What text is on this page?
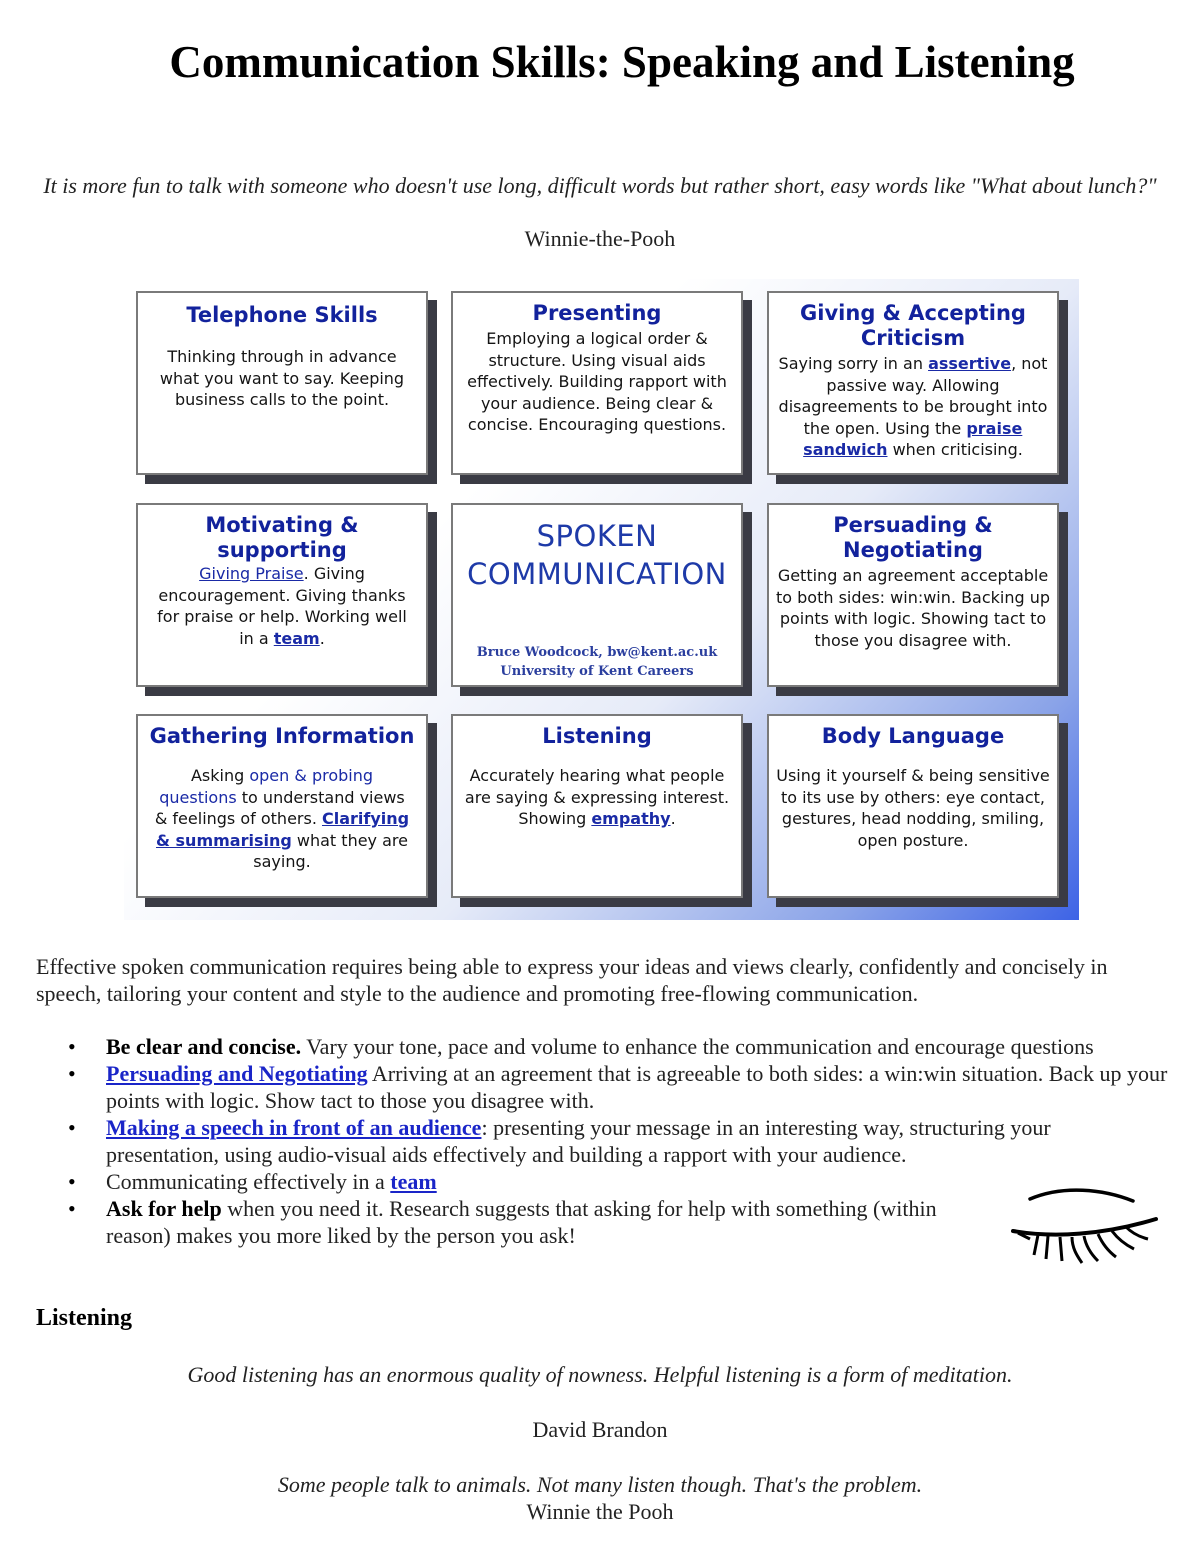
Communication Skills: Speaking and Listening
It is more fun to talk with someone who doesn't use long, difficult words but rather short, easy words like "What about lunch?"
Winnie-the-Pooh
Telephone Skills
Thinking through in advance what you want to say. Keeping business calls to the point.
Presenting
Employing a logical order & structure. Using visual aids effectively. Building rapport with your audience. Being clear & concise. Encouraging questions.
Giving & Accepting Criticism
Saying sorry in an assertive, not passive way. Allowing disagreements to be brought into the open. Using the praise sandwich when criticising.
Motivating & supporting
Giving Praise. Giving encouragement. Giving thanks for praise or help. Working well in a team.
SPOKEN
COMMUNICATION
Bruce Woodcock, bw@kent.ac.uk
University of Kent Careers
Persuading & Negotiating
Getting an agreement acceptable to both sides: win:win. Backing up points with logic. Showing tact to those you disagree with.
Gathering Information
Asking open & probing questions to understand views & feelings of others. Clarifying & summarising what they are saying.
Listening
Accurately hearing what people are saying & expressing interest. Showing empathy.
Body Language
Using it yourself & being sensitive to its use by others: eye contact, gestures, head nodding, smiling, open posture.
Effective spoken communication requires being able to express your ideas and views clearly, confidently and concisely in speech, tailoring your content and style to the audience and promoting free-flowing communication.
• Be clear and concise. Vary your tone, pace and volume to enhance the communication and encourage questions
• Persuading and Negotiating Arriving at an agreement that is agreeable to both sides: a win:win situation. Back up your points with logic. Show tact to those you disagree with.
• Making a speech in front of an audience: presenting your message in an interesting way, structuring your presentation, using audio-visual aids effectively and building a rapport with your audience.
• Communicating effectively in a team
• Ask for help when you need it. Research suggests that asking for help with something (within reason) makes you more liked by the person you ask!
Listening
Good listening has an enormous quality of nowness. Helpful listening is a form of meditation.
David Brandon
Some people talk to animals. Not many listen though. That's the problem.
Winnie the Pooh
